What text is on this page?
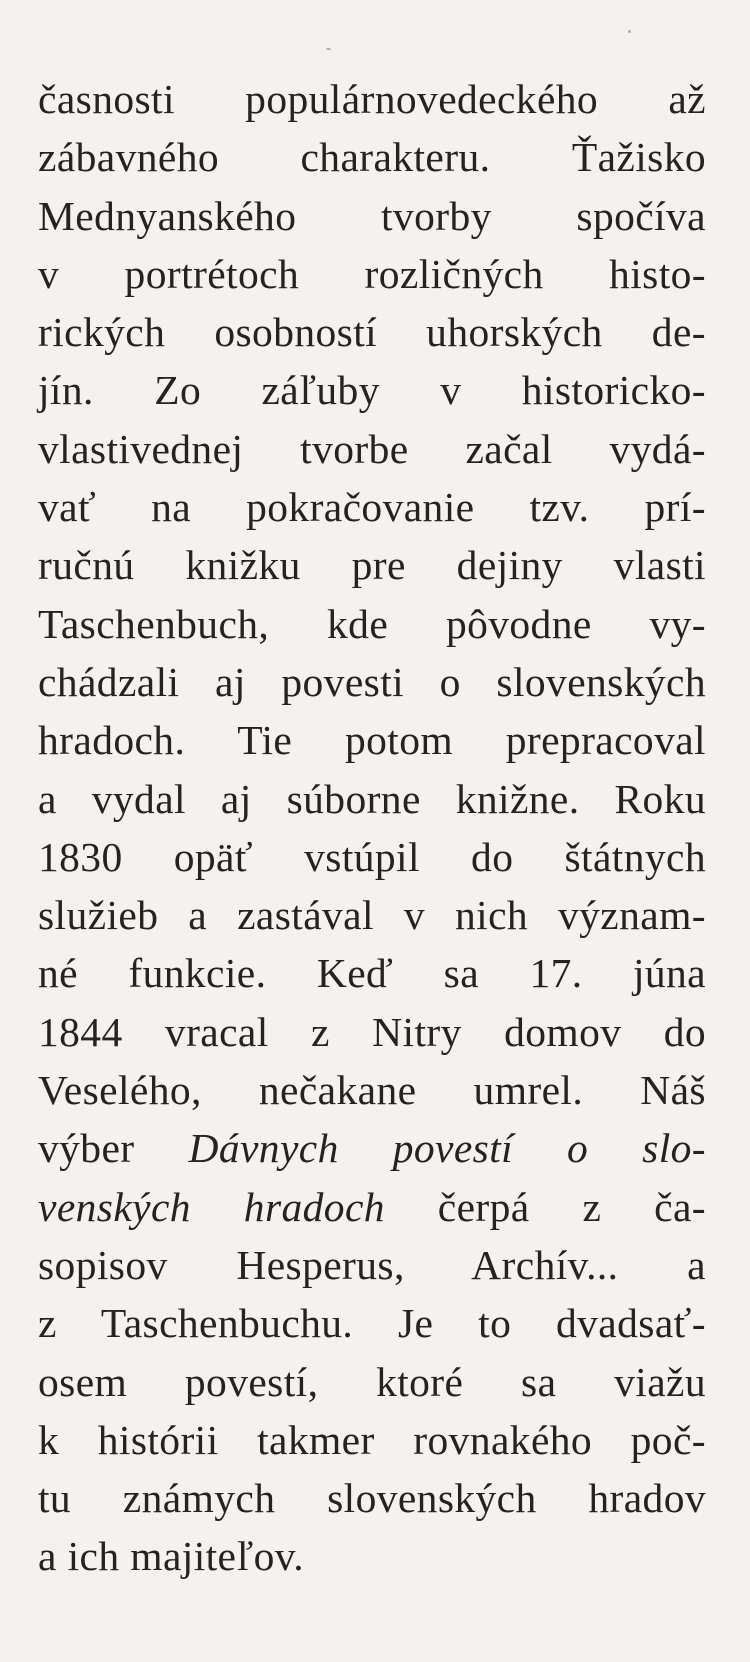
časnosti populárnovedeckého až
zábavného charakteru. Ťažisko
Mednyanského tvorby spočíva
v portrétoch rozličných histo-
rických osobností uhorských de-
jín. Zo záľuby v historicko-
vlastivednej tvorbe začal vydá-
vať na pokračovanie tzv. prí-
ručnú knižku pre dejiny vlasti
Taschenbuch, kde pôvodne vy-
chádzali aj povesti o slovenských
hradoch. Tie potom prepracoval
a vydal aj súborne knižne. Roku
1830 opäť vstúpil do štátnych
služieb a zastával v nich význam-
né funkcie. Keď sa 17. júna
1844 vracal z Nitry domov do
Veselého, nečakane umrel. Náš
výber Dávnych povestí o slo-
venských hradoch čerpá z ča-
sopisov Hesperus, Archív... a
z Taschenbuchu. Je to dvadsať-
osem povestí, ktoré sa viažu
k histórii takmer rovnakého poč-
tu známych slovenských hradov
a ich majiteľov.
